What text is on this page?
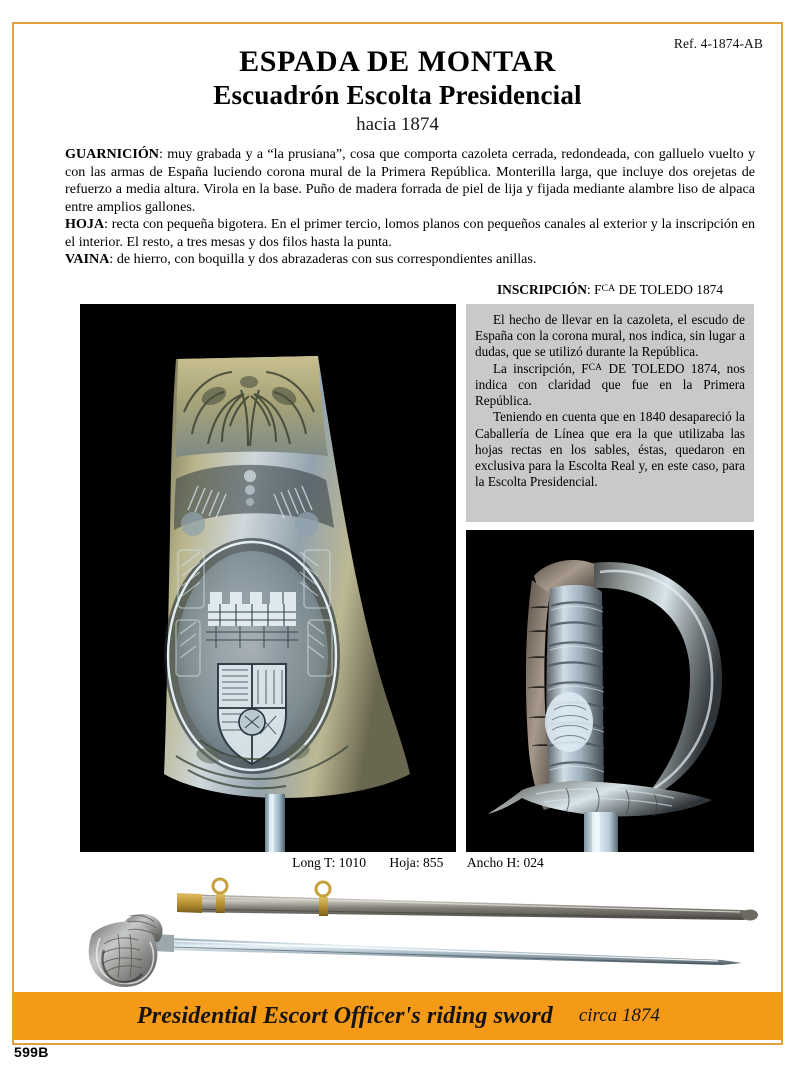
Ref. 4-1874-AB
ESPADA DE MONTAR
Escuadrón Escolta Presidencial
hacia 1874

GUARNICIÓN: muy grabada y a “la prusiana”, cosa que comporta cazoleta cerrada, redondeada, con galluelo vuelto y con las armas de España luciendo corona mural de la Primera República. Monterilla larga, que incluye dos orejetas de refuerzo a media altura. Virola en la base. Puño de madera forrada de piel de lija y fijada mediante alambre liso de alpaca entre amplios gallones.

HOJA: recta con pequeña bigotera. En el primer tercio, lomos planos con pequeños canales al exterior y la inscripción en el interior. El resto, a tres mesas y dos filos hasta la punta.

VAINA: de hierro, con boquilla y dos abrazaderas con sus correspondientes anillas.

INSCRIPCIÓN: $F^{CA}$ DE TOLEDO 1874

El hecho de llevar en la cazoleta, el escudo de España con la corona mural, nos indica, sin lugar a dudas, que se utilizó durante la República.

La inscripción, $F^{CA}$ DE TOLEDO 1874, nos indica con claridad que fue en la Primera República.

Teniendo en cuenta que en 1840 desapareció la Caballería de Línea que era la que utilizaba las hojas rectas en los sables, éstas, quedaron en exclusiva para la Escolta Real y, en este caso, para la Escolta Presidencial.

Long T: 1010 Hoja: 855 Ancho H: 024
Presidential Escort Officer's riding sword circa 1874
599B
